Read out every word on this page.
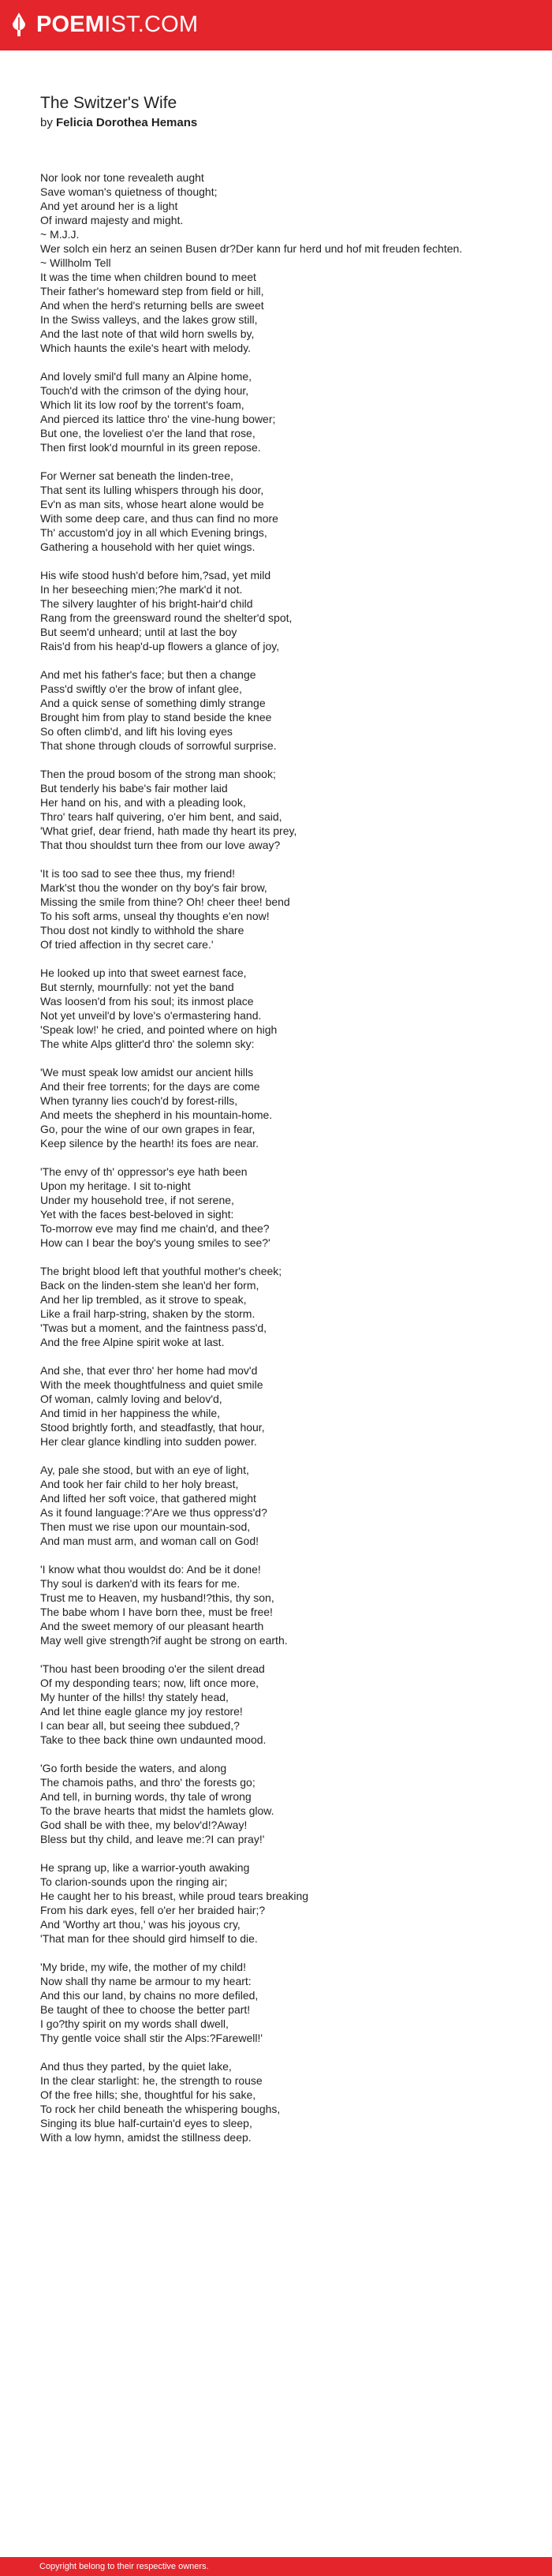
POEMIST.COM
The Switzer's Wife
by Felicia Dorothea Hemans
Nor look nor tone revealeth aught
Save woman's quietness of thought;
And yet around her is a light
Of inward majesty and might.
~ M.J.J.
Wer solch ein herz an seinen Busen dr?Der kann fur herd und hof mit freuden fechten.
~ Willholm Tell
It was the time when children bound to meet
Their father's homeward step from field or hill,
And when the herd's returning bells are sweet
In the Swiss valleys, and the lakes grow still,
And the last note of that wild horn swells by,
Which haunts the exile's heart with melody.
And lovely smil'd full many an Alpine home,
Touch'd with the crimson of the dying hour,
Which lit its low roof by the torrent's foam,
And pierced its lattice thro' the vine-hung bower;
But one, the loveliest o'er the land that rose,
Then first look'd mournful in its green repose.
For Werner sat beneath the linden-tree,
That sent its lulling whispers through his door,
Ev'n as man sits, whose heart alone would be
With some deep care, and thus can find no more
Th' accustom'd joy in all which Evening brings,
Gathering a household with her quiet wings.
His wife stood hush'd before him,?sad, yet mild
In her beseeching mien;?he mark'd it not.
The silvery laughter of his bright-hair'd child
Rang from the greensward round the shelter'd spot,
But seem'd unheard; until at last the boy
Rais'd from his heap'd-up flowers a glance of joy,
And met his father's face; but then a change
Pass'd swiftly o'er the brow of infant glee,
And a quick sense of something dimly strange
Brought him from play to stand beside the knee
So often climb'd, and lift his loving eyes
That shone through clouds of sorrowful surprise.
Then the proud bosom of the strong man shook;
But tenderly his babe's fair mother laid
Her hand on his, and with a pleading look,
Thro' tears half quivering, o'er him bent, and said,
'What grief, dear friend, hath made thy heart its prey,
That thou shouldst turn thee from our love away?
'It is too sad to see thee thus, my friend!
Mark'st thou the wonder on thy boy's fair brow,
Missing the smile from thine? Oh! cheer thee! bend
To his soft arms, unseal thy thoughts e'en now!
Thou dost not kindly to withhold the share
Of tried affection in thy secret care.'
He looked up into that sweet earnest face,
But sternly, mournfully: not yet the band
Was loosen'd from his soul; its inmost place
Not yet unveil'd by love's o'ermastering hand.
'Speak low!' he cried, and pointed where on high
The white Alps glitter'd thro' the solemn sky:
'We must speak low amidst our ancient hills
And their free torrents; for the days are come
When tyranny lies couch'd by forest-rills,
And meets the shepherd in his mountain-home.
Go, pour the wine of our own grapes in fear,
Keep silence by the hearth! its foes are near.
'The envy of th' oppressor's eye hath been
Upon my heritage. I sit to-night
Under my household tree, if not serene,
Yet with the faces best-beloved in sight:
To-morrow eve may find me chain'd, and thee?
How can I bear the boy's young smiles to see?'
The bright blood left that youthful mother's cheek;
Back on the linden-stem she lean'd her form,
And her lip trembled, as it strove to speak,
Like a frail harp-string, shaken by the storm.
'Twas but a moment, and the faintness pass'd,
And the free Alpine spirit woke at last.
And she, that ever thro' her home had mov'd
With the meek thoughtfulness and quiet smile
Of woman, calmly loving and belov'd,
And timid in her happiness the while,
Stood brightly forth, and steadfastly, that hour,
Her clear glance kindling into sudden power.
Ay, pale she stood, but with an eye of light,
And took her fair child to her holy breast,
And lifted her soft voice, that gathered might
As it found language:?'Are we thus oppress'd?
Then must we rise upon our mountain-sod,
And man must arm, and woman call on God!
'I know what thou wouldst do: And be it done!
Thy soul is darken'd with its fears for me.
Trust me to Heaven, my husband!?this, thy son,
The babe whom I have born thee, must be free!
And the sweet memory of our pleasant hearth
May well give strength?if aught be strong on earth.
'Thou hast been brooding o'er the silent dread
Of my desponding tears; now, lift once more,
My hunter of the hills! thy stately head,
And let thine eagle glance my joy restore!
I can bear all, but seeing thee subdued,?
Take to thee back thine own undaunted mood.
'Go forth beside the waters, and along
The chamois paths, and thro' the forests go;
And tell, in burning words, thy tale of wrong
To the brave hearts that midst the hamlets glow.
God shall be with thee, my belov'd!?Away!
Bless but thy child, and leave me:?I can pray!'
He sprang up, like a warrior-youth awaking
To clarion-sounds upon the ringing air;
He caught her to his breast, while proud tears breaking
From his dark eyes, fell o'er her braided hair;?
And 'Worthy art thou,' was his joyous cry,
'That man for thee should gird himself to die.
'My bride, my wife, the mother of my child!
Now shall thy name be armour to my heart:
And this our land, by chains no more defiled,
Be taught of thee to choose the better part!
I go?thy spirit on my words shall dwell,
Thy gentle voice shall stir the Alps:?Farewell!'
And thus they parted, by the quiet lake,
In the clear starlight: he, the strength to rouse
Of the free hills; she, thoughtful for his sake,
To rock her child beneath the whispering boughs,
Singing its blue half-curtain'd eyes to sleep,
With a low hymn, amidst the stillness deep.
Copyright belong to their respective owners.
